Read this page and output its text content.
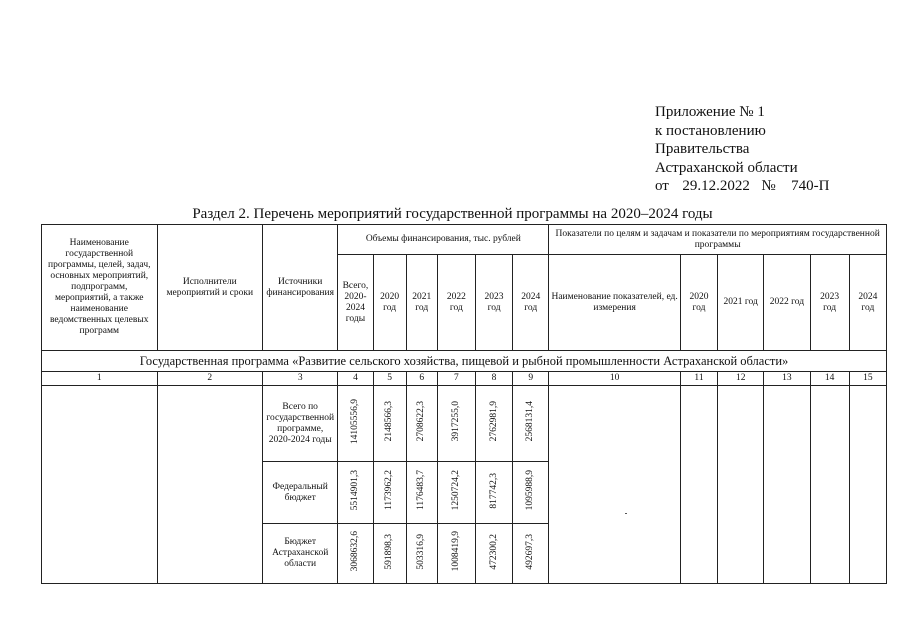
Приложение № 1
к постановлению
Правительства
Астраханской области
от 29.12.2022 № 740-П
Раздел 2. Перечень мероприятий государственной программы на 2020–2024 годы
Наименование государственной программы, целей, задач, основных мероприятий, подпрограмм, мероприятий, а также наименование ведомственных целевых программ	Исполнители мероприятий и сроки	Источники финансирования	Объемы финансирования, тыс. рублей						Показатели по целям и задачам и показатели по мероприятиям государственной программы					
			Всего, 2020-2024 годы	2020 год	2021 год	2022 год	2023 год	2024 год	Наименование показателей, ед. измерения	2020 год	2021 год	2022 год	2023 год	2024 год
Государственная программа «Развитие сельского хозяйства, пищевой и рыбной промышленности Астраханской области»														
1	2	3	4	5	6	7	8	9	10	11	12	13	14	15
		Всего по государственной программе, 2020-2024 годы	14105556,9	2148566,3	2708622,3	3917255,0	2762981,9	2568131,4						
		Федеральный бюджет	5514901,3	1173962,2	1176483,7	1250724,2	817742,3	1095988,9						
		Бюджет Астраханской области	3068632,6	591898,3	503316,9	1008419,9	472300,2	492697,3						
